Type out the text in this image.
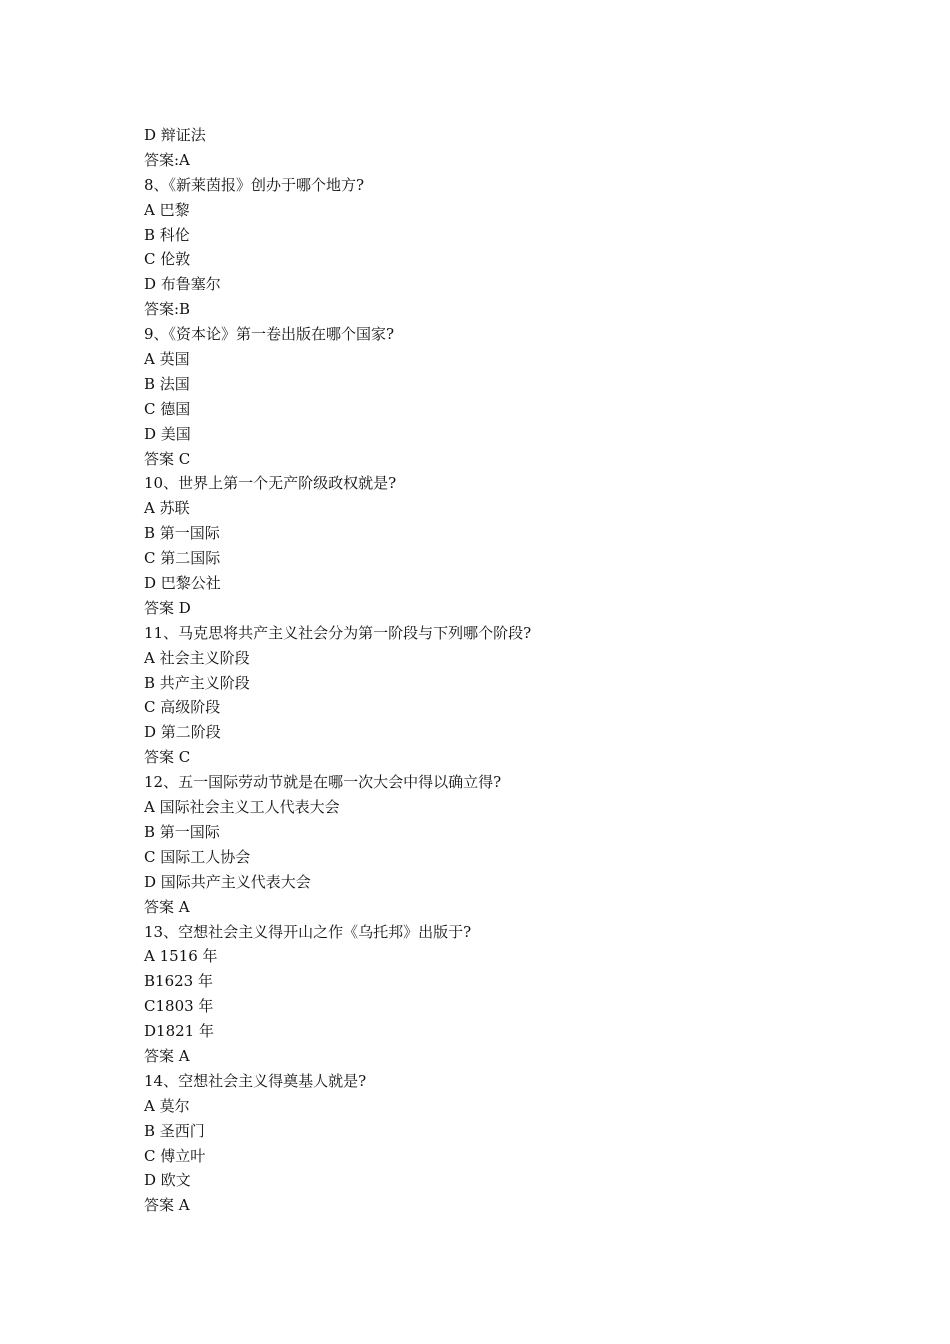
D 辩证法
答案:A
8、《新莱茵报》创办于哪个地方?
A 巴黎
B 科伦
C 伦敦
D 布鲁塞尔
答案:B
9、《资本论》第一卷出版在哪个国家?
A 英国
B 法国
C 德国
D 美国
答案 C
10、世界上第一个无产阶级政权就是?
A 苏联
B 第一国际
C 第二国际
D 巴黎公社
答案 D
11、马克思将共产主义社会分为第一阶段与下列哪个阶段?
A 社会主义阶段
B 共产主义阶段
C 高级阶段
D 第二阶段
答案 C
12、五一国际劳动节就是在哪一次大会中得以确立得?
A 国际社会主义工人代表大会
B 第一国际
C 国际工人协会
D 国际共产主义代表大会
答案 A
13、空想社会主义得开山之作《乌托邦》出版于?
A 1516 年
B1623 年
C1803 年
D1821 年
答案 A
14、空想社会主义得奠基人就是?
A 莫尔
B 圣西门
C 傅立叶
D 欧文
答案 A
